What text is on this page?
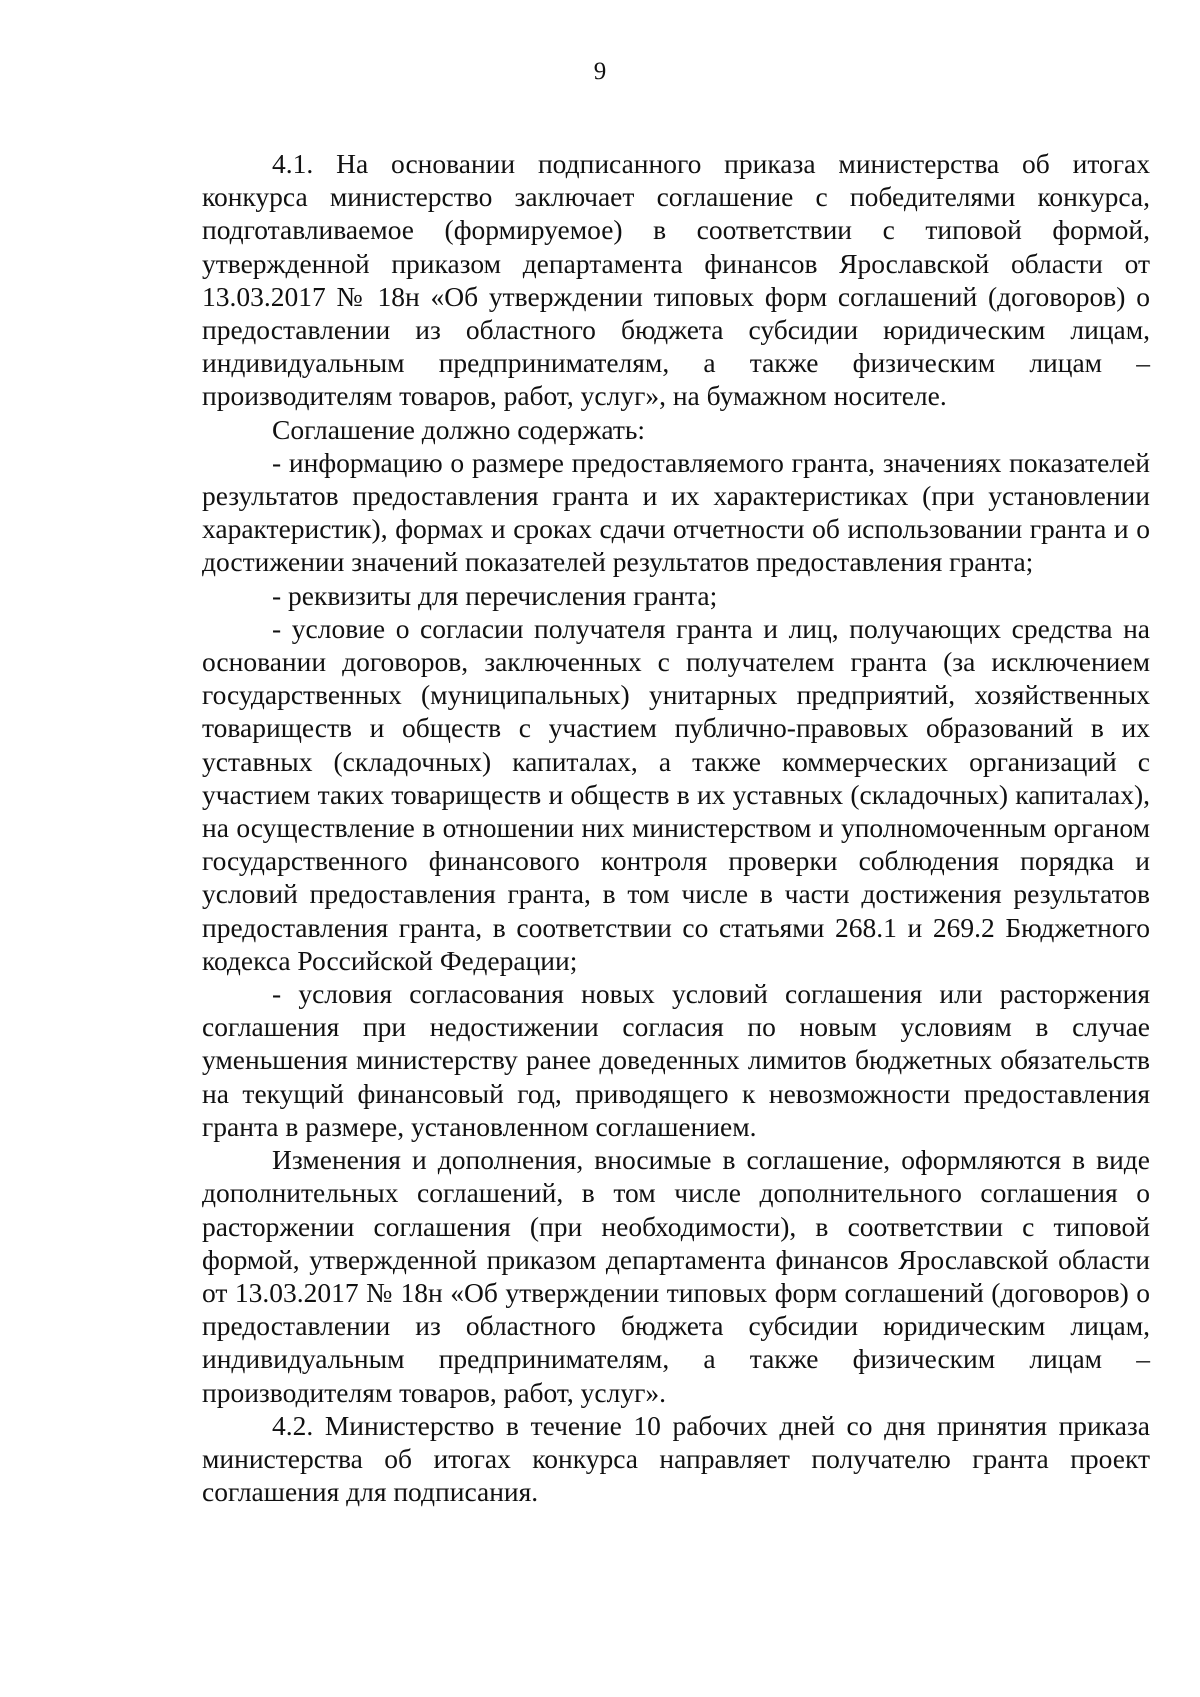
9

4.1. На основании подписанного приказа министерства об итогах конкурса министерство заключает соглашение с победителями конкурса, подготавливаемое (формируемое) в соответствии с типовой формой, утвержденной приказом департамента финансов Ярославской области от 13.03.2017 № 18н «Об утверждении типовых форм соглашений (договоров) о предоставлении из областного бюджета субсидии юридическим лицам, индивидуальным предпринимателям, а также физическим лицам – производителям товаров, работ, услуг», на бумажном носителе.

Соглашение должно содержать:

- информацию о размере предоставляемого гранта, значениях показателей результатов предоставления гранта и их характеристиках (при установлении характеристик), формах и сроках сдачи отчетности об использовании гранта и о достижении значений показателей результатов предоставления гранта;

- реквизиты для перечисления гранта;

- условие о согласии получателя гранта и лиц, получающих средства на основании договоров, заключенных с получателем гранта (за исключением государственных (муниципальных) унитарных предприятий, хозяйственных товариществ и обществ с участием публично-правовых образований в их уставных (складочных) капиталах, а также коммерческих организаций с участием таких товариществ и обществ в их уставных (складочных) капиталах), на осуществление в отношении них министерством и уполномоченным органом государственного финансового контроля проверки соблюдения порядка и условий предоставления гранта, в том числе в части достижения результатов предоставления гранта, в соответствии со статьями 268.1 и 269.2 Бюджетного кодекса Российской Федерации;

- условия согласования новых условий соглашения или расторжения соглашения при недостижении согласия по новым условиям в случае уменьшения министерству ранее доведенных лимитов бюджетных обязательств на текущий финансовый год, приводящего к невозможности предоставления гранта в размере, установленном соглашением.

Изменения и дополнения, вносимые в соглашение, оформляются в виде дополнительных соглашений, в том числе дополнительного соглашения о расторжении соглашения (при необходимости), в соответствии с типовой формой, утвержденной приказом департамента финансов Ярославской области от 13.03.2017 № 18н «Об утверждении типовых форм соглашений (договоров) о предоставлении из областного бюджета субсидии юридическим лицам, индивидуальным предпринимателям, а также физическим лицам – производителям товаров, работ, услуг».

4.2. Министерство в течение 10 рабочих дней со дня принятия приказа министерства об итогах конкурса направляет получателю гранта проект соглашения для подписания.
